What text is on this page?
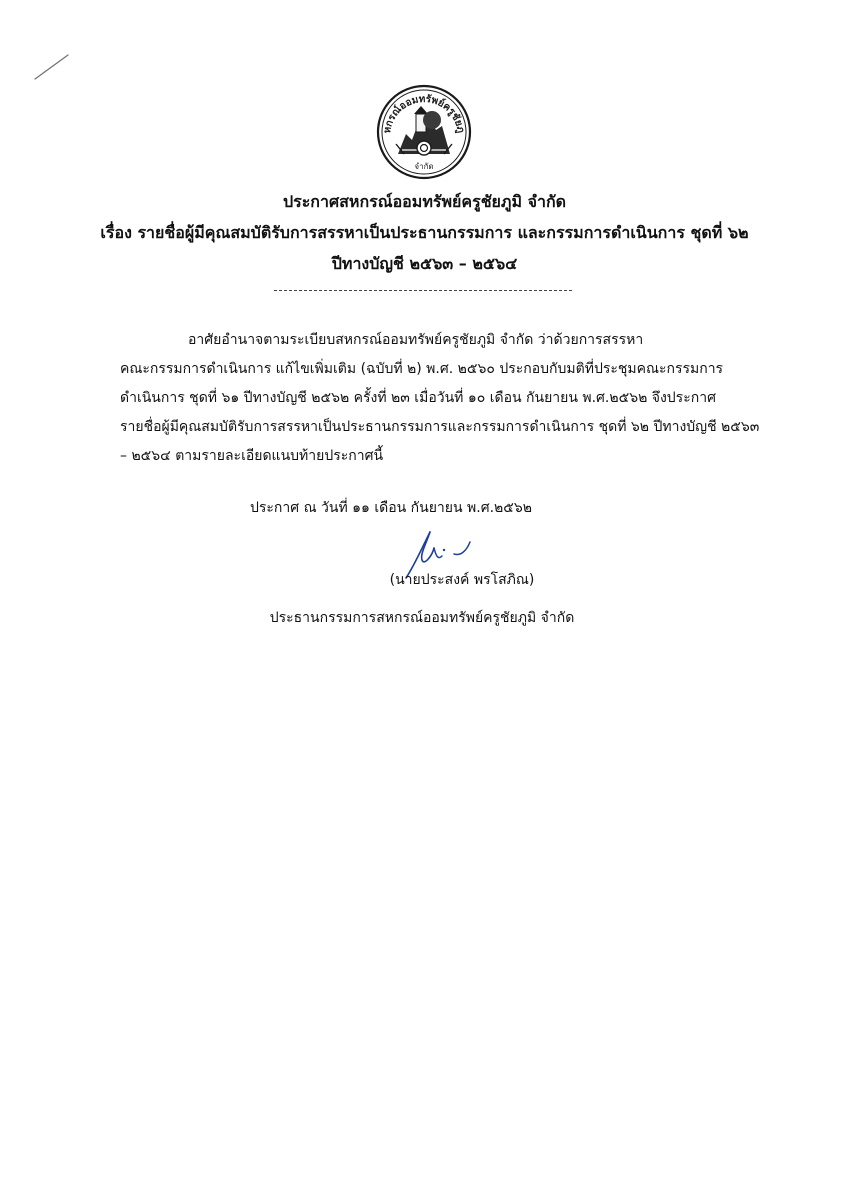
หกรณ์ออมทรัพย์ครูชัยภู
จำกัด
ประกาศสหกรณ์ออมทรัพย์ครูชัยภูมิ จำกัด
เรื่อง รายชื่อผู้มีคุณสมบัติรับการสรรหาเป็นประธานกรรมการ และกรรมการดำเนินการ ชุดที่ ๖๒
ปีทางบัญชี ๒๕๖๓ – ๒๕๖๔
อาศัยอำนาจตามระเบียบสหกรณ์ออมทรัพย์ครูชัยภูมิ จำกัด ว่าด้วยการสรรหา
คณะกรรมการดำเนินการ แก้ไขเพิ่มเติม (ฉบับที่ ๒) พ.ศ. ๒๕๖๐ ประกอบกับมติที่ประชุมคณะกรรมการ
ดำเนินการ ชุดที่ ๖๑ ปีทางบัญชี ๒๕๖๒ ครั้งที่ ๒๓ เมื่อวันที่ ๑๐ เดือน กันยายน พ.ศ.๒๕๖๒ จึงประกาศ
รายชื่อผู้มีคุณสมบัติรับการสรรหาเป็นประธานกรรมการและกรรมการดำเนินการ ชุดที่ ๖๒ ปีทางบัญชี ๒๕๖๓
– ๒๕๖๔ ตามรายละเอียดแนบท้ายประกาศนี้
ประกาศ ณ วันที่ ๑๑ เดือน กันยายน พ.ศ.๒๕๖๒
(นายประสงค์ พรโสภิณ)
ประธานกรรมการสหกรณ์ออมทรัพย์ครูชัยภูมิ จำกัด
